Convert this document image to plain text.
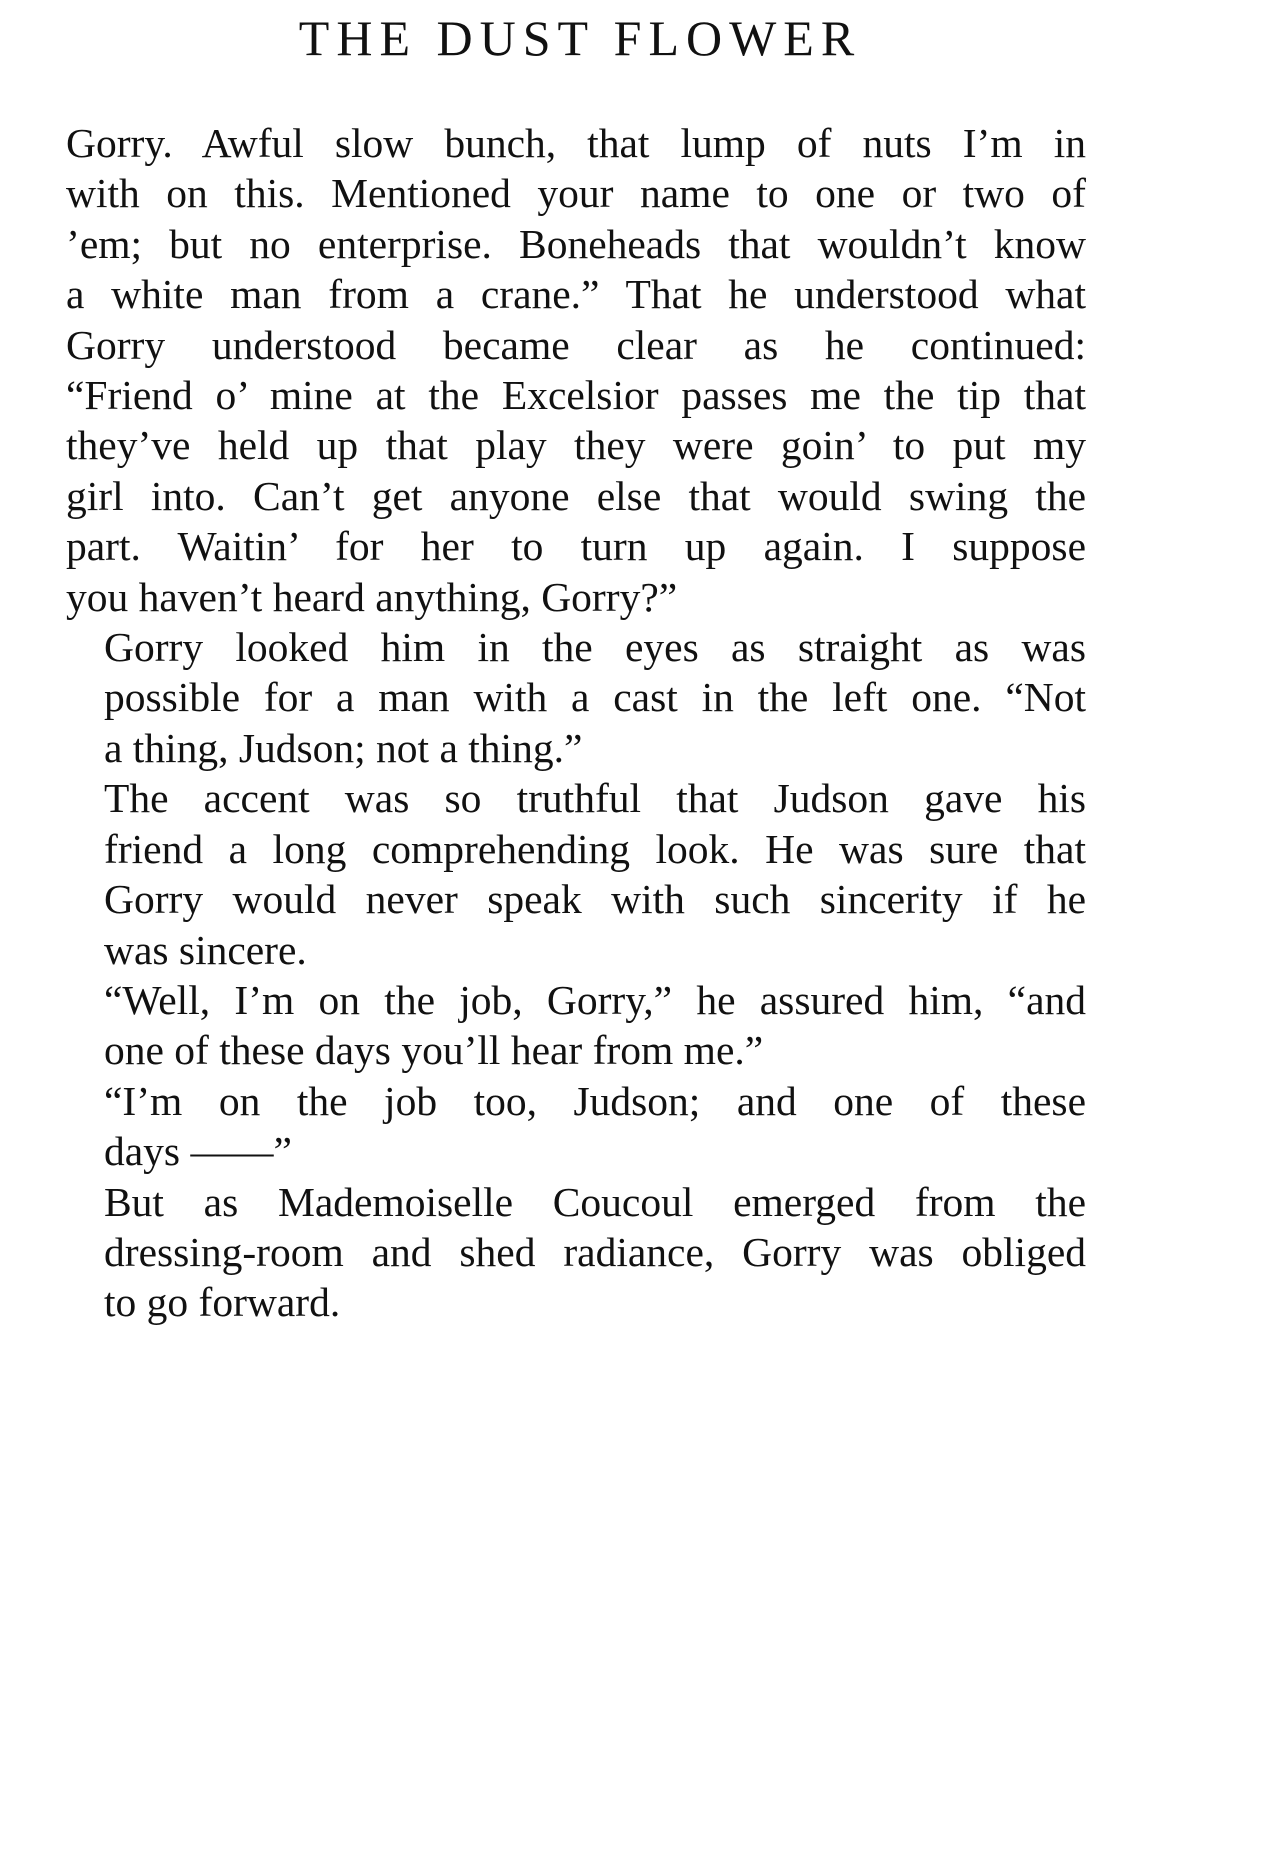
THE DUST FLOWER

Gorry. Awful slow bunch, that lump of nuts I’m in
with on this. Mentioned your name to one or two of
’em; but no enterprise. Boneheads that wouldn’t know
a white man from a crane.” That he understood what
Gorry understood became clear as he continued:
“Friend o’ mine at the Excelsior passes me the tip that
they’ve held up that play they were goin’ to put my
girl into. Can’t get anyone else that would swing the
part. Waitin’ for her to turn up again. I suppose
you haven’t heard anything, Gorry?”

Gorry looked him in the eyes as straight as was
possible for a man with a cast in the left one. “Not
a thing, Judson; not a thing.”

The accent was so truthful that Judson gave his
friend a long comprehending look. He was sure that
Gorry would never speak with such sincerity if he
was sincere.

“Well, I’m on the job, Gorry,” he assured him, “and
one of these days you’ll hear from me.”

“I’m on the job too, Judson; and one of these
days ——”

But as Mademoiselle Coucoul emerged from the
dressing-room and shed radiance, Gorry was obliged
to go forward.
